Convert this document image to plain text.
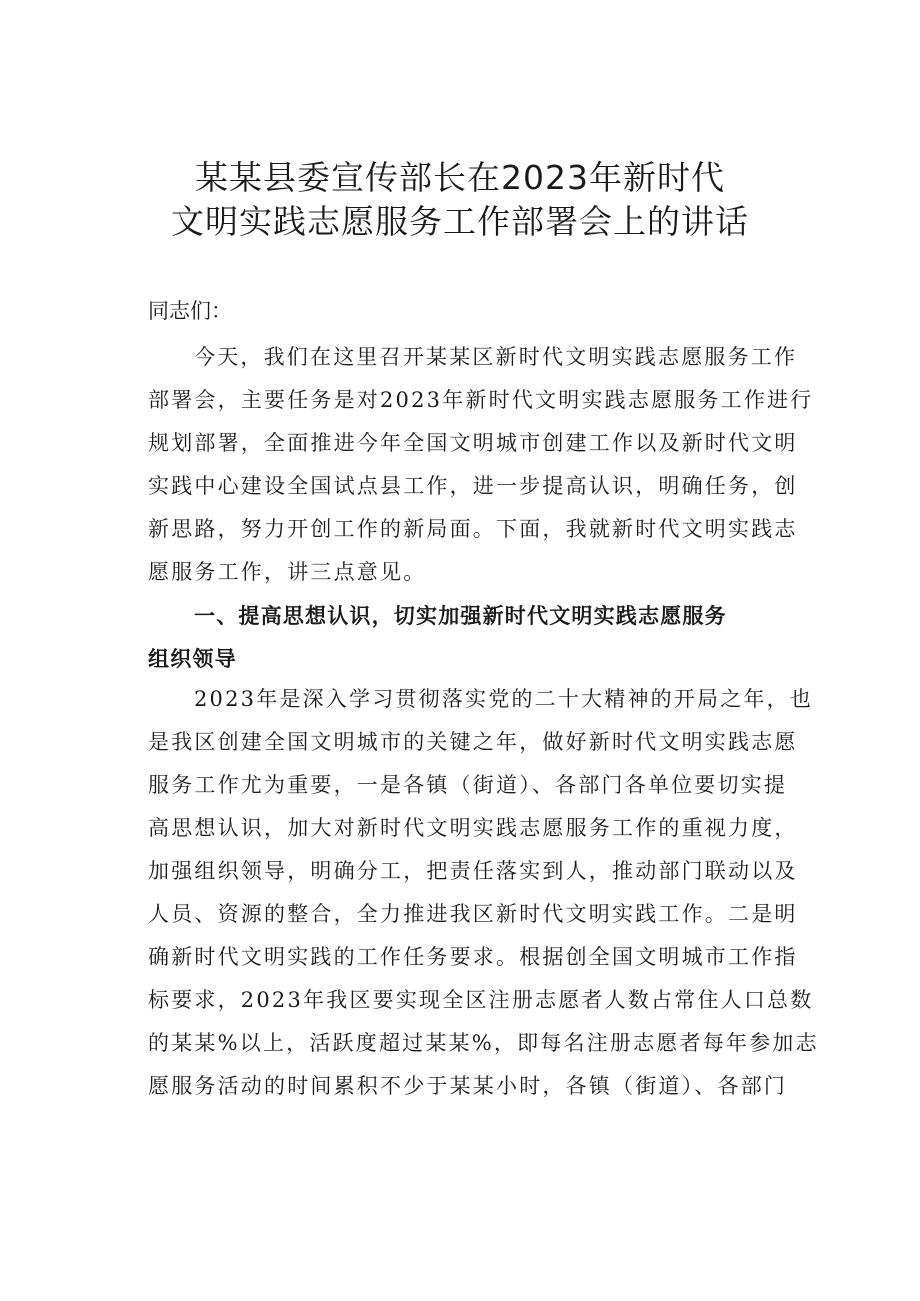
某某县委宣传部长在2023年新时代
文明实践志愿服务工作部署会上的讲话
同志们：
今天，我们在这里召开某某区新时代文明实践志愿服务工作
部署会，主要任务是对2023年新时代文明实践志愿服务工作进行
规划部署，全面推进今年全国文明城市创建工作以及新时代文明
实践中心建设全国试点县工作，进一步提高认识，明确任务，创
新思路，努力开创工作的新局面。下面，我就新时代文明实践志
愿服务工作，讲三点意见。
一、提高思想认识，切实加强新时代文明实践志愿服务
组织领导
2023年是深入学习贯彻落实党的二十大精神的开局之年，也
是我区创建全国文明城市的关键之年，做好新时代文明实践志愿
服务工作尤为重要，一是各镇（街道）、各部门各单位要切实提
高思想认识，加大对新时代文明实践志愿服务工作的重视力度，
加强组织领导，明确分工，把责任落实到人，推动部门联动以及
人员、资源的整合，全力推进我区新时代文明实践工作。二是明
确新时代文明实践的工作任务要求。根据创全国文明城市工作指
标要求，2023年我区要实现全区注册志愿者人数占常住人口总数
的某某%以上，活跃度超过某某%，即每名注册志愿者每年参加志
愿服务活动的时间累积不少于某某小时，各镇（街道）、各部门
